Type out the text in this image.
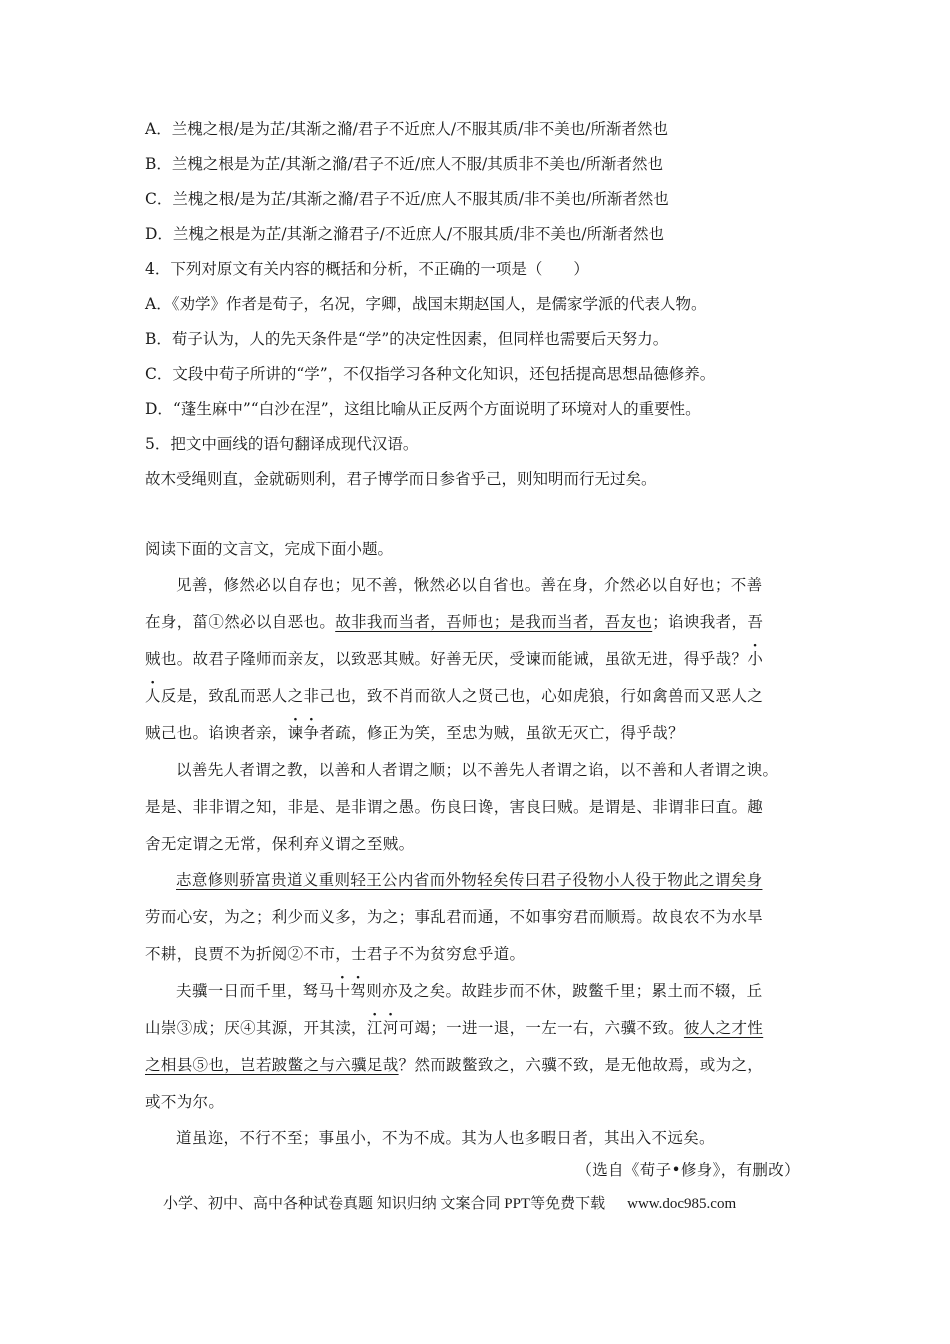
A．兰槐之根/是为芷/其渐之滫/君子不近庶人/不服其质/非不美也/所渐者然也
B．兰槐之根是为芷/其渐之滫/君子不近/庶人不服/其质非不美也/所渐者然也
C．兰槐之根/是为芷/其渐之滫/君子不近/庶人不服其质/非不美也/所渐者然也
D．兰槐之根是为芷/其渐之滫君子/不近庶人/不服其质/非不美也/所渐者然也
4．下列对原文有关内容的概括和分析，不正确的一项是（　　）
A．《劝学》作者是荀子，名况，字卿，战国末期赵国人，是儒家学派的代表人物。
B．荀子认为，人的先天条件是“学”的决定性因素，但同样也需要后天努力。
C．文段中荀子所讲的“学”，不仅指学习各种文化知识，还包括提高思想品德修养。
D．“蓬生麻中”“白沙在涅”，这组比喻从正反两个方面说明了环境对人的重要性。
5．把文中画线的语句翻译成现代汉语。
故木受绳则直，金就砺则利，君子博学而日参省乎己，则知明而行无过矣。
阅读下面的文言文，完成下面小题。
见善，修然必以自存也；见不善，愀然必以自省也。善在身，介然必以自好也；不善
在身，菑①然必以自恶也。故非我而当者，吾师也；是我而当者，吾友也；谄谀我者，吾
贼也。故君子隆师而亲友，以致恶其贼。好善无厌，受谏而能诫，虽欲无进，得乎哉？小
人反是，致乱而恶人之非己也，致不肖而欲人之贤己也，心如虎狼，行如禽兽而又恶人之
贼己也。谄谀者亲，谏争者疏，修正为笑，至忠为贼，虽欲无灭亡，得乎哉？
以善先人者谓之教，以善和人者谓之顺；以不善先人者谓之谄，以不善和人者谓之谀。
是是、非非谓之知，非是、是非谓之愚。伤良曰谗，害良曰贼。是谓是、非谓非曰直。趣
舍无定谓之无常，保利弃义谓之至贼。
志意修则骄富贵道义重则轻王公内省而外物轻矣传曰君子役物小人役于物此之谓矣身
劳而心安，为之；利少而义多，为之；事乱君而通，不如事穷君而顺焉。故良农不为水旱
不耕，良贾不为折阅②不市，士君子不为贫穷怠乎道。
夫骥一日而千里，驽马十驾则亦及之矣。故跬步而不休，跛鳖千里；累土而不辍，丘
山崇③成；厌④其源，开其渎，江河可竭；一进一退，一左一右，六骥不致。彼人之才性
之相县⑤也，岂若跛鳖之与六骥足哉？然而跛鳖致之，六骥不致，是无他故焉，或为之，
或不为尔。
道虽迩，不行不至；事虽小，不为不成。其为人也多暇日者，其出入不远矣。
（选自《荀子•修身》，有删改）
小学、初中、高中各种试卷真题 知识归纳 文案合同 PPT等免费下载 www.doc985.com
